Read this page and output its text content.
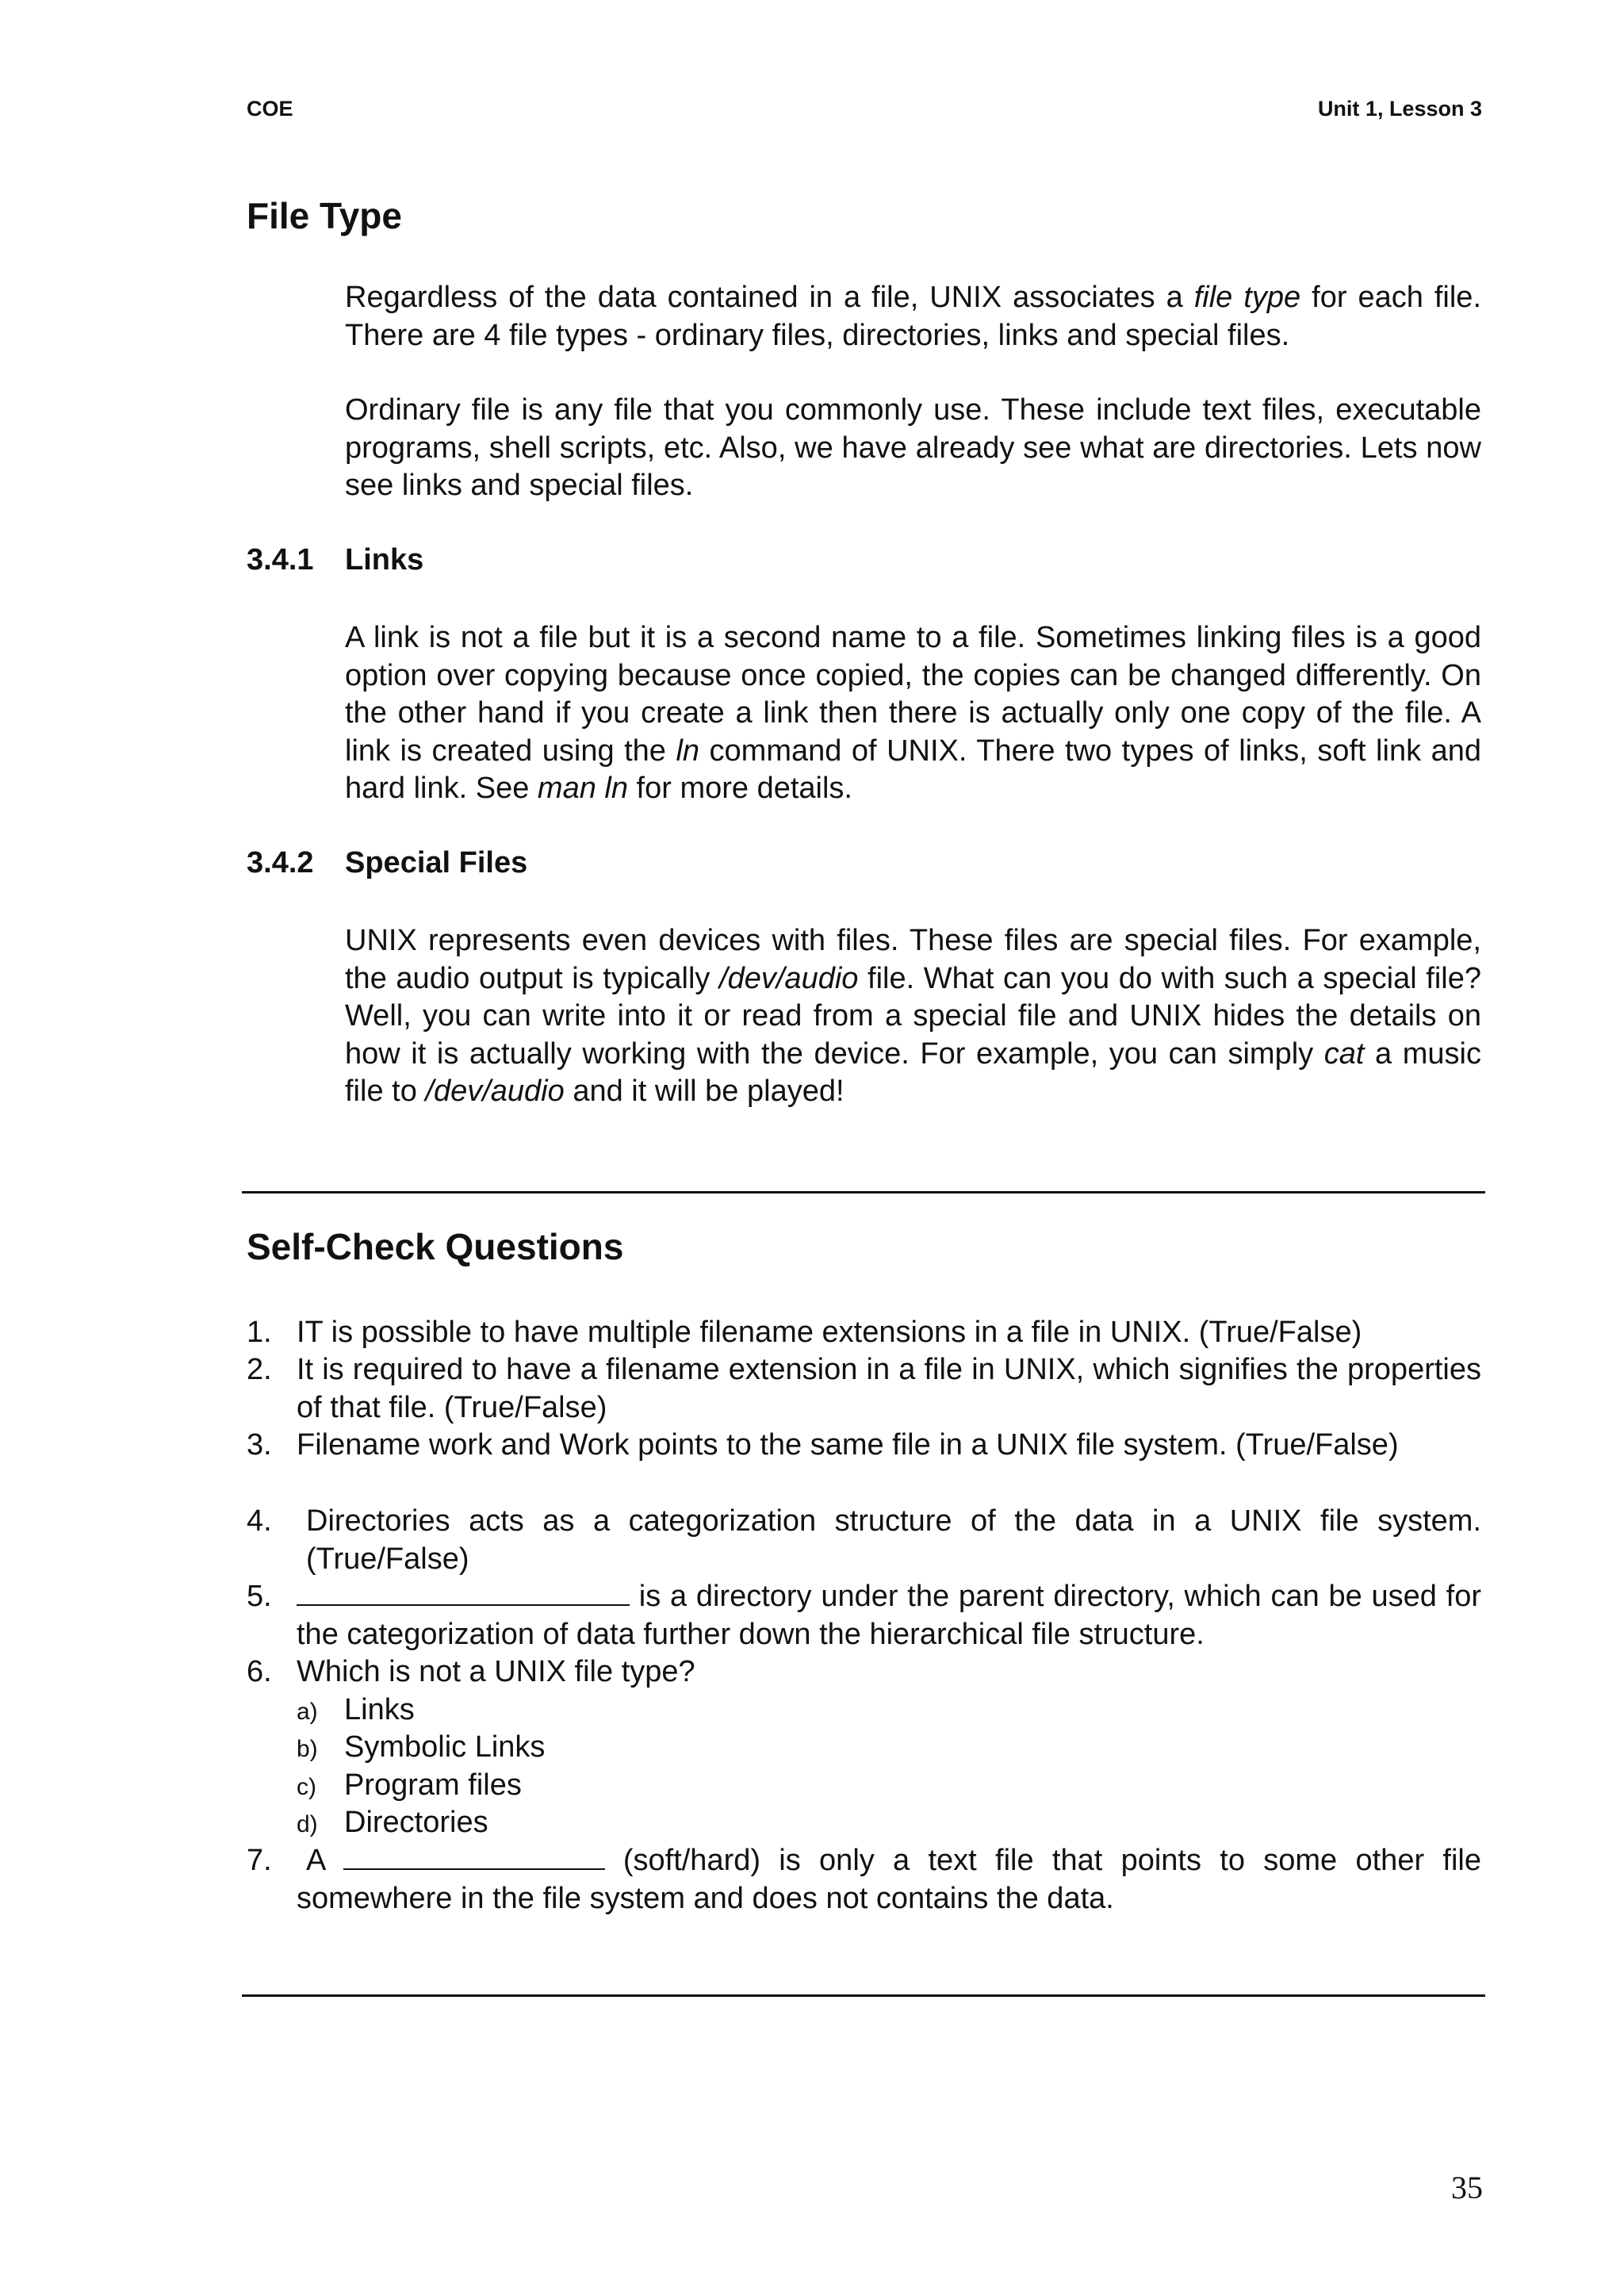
COE	Unit 1, Lesson 3
File Type

Regardless of the data contained in a file, UNIX associates a file type for each file. There are 4 file types - ordinary files, directories, links and special files.

Ordinary file is any file that you commonly use. These include text files, executable programs, shell scripts, etc. Also, we have already see what are directories. Lets now see links and special files.

3.4.1 Links

A link is not a file but it is a second name to a file. Sometimes linking files is a good option over copying because once copied, the copies can be changed differently. On the other hand if you create a link then there is actually only one copy of the file. A link is created using the ln command of UNIX. There two types of links, soft link and hard link. See man ln for more details.

3.4.2 Special Files

UNIX represents even devices with files. These files are special files. For example, the audio output is typically /dev/audio file. What can you do with such a special file? Well, you can write into it or read from a special file and UNIX hides the details on how it is actually working with the device. For example, you can simply cat a music file to /dev/audio and it will be played!

Self-Check Questions

1. IT is possible to have multiple filename extensions in a file in UNIX. (True/False)

2. It is required to have a filename extension in a file in UNIX, which signifies the properties of that file. (True/False)

3. Filename work and Work points to the same file in a UNIX file system. (True/False)

4.	Directories acts as a categorization structure of the data in a UNIX file system. (True/False)

5.	is a directory under the parent directory, which can be used for the categorization of data further down the hierarchical file structure.

6. Which is not a UNIX file type?

a) Links
b) Symbolic Links
c) Program files
d) Directories

7.	A	(soft/hard) is only a text file that points to some other file somewhere in the file system and does not contains the data.

35
